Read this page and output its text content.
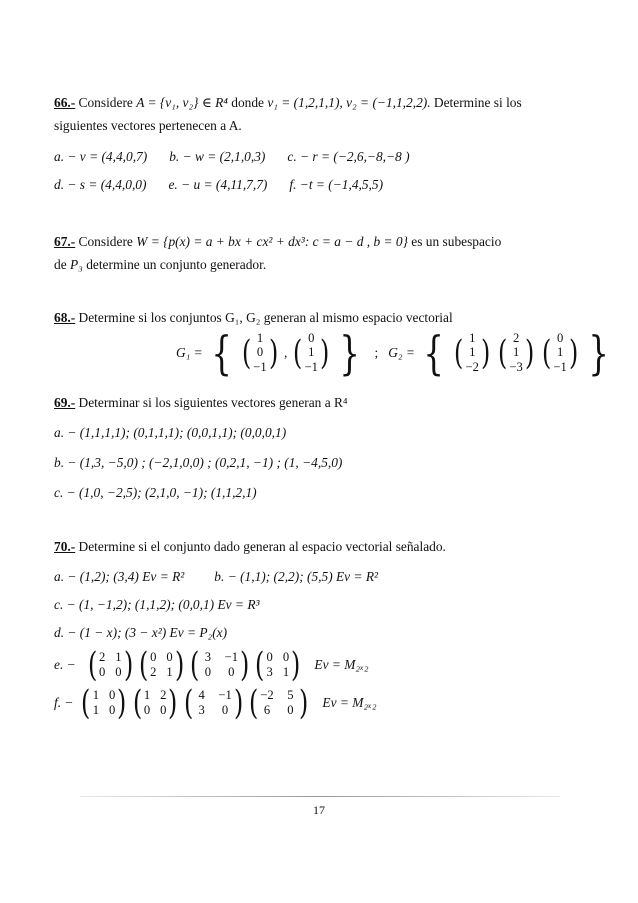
66.- Considere A = {v₁, v₂} ∈ R⁴ donde v₁ = (1,2,1,1), v₂ = (−1,1,2,2). Determine si los
siguientes vectores pertenecen a A.
a. − v = (4,4,0,7) b. − w = (2,1,0,3) c. − r = (−2,6,−8,−8 )
d. − s = (4,4,0,0) e. − u = (4,11,7,7) f. −t = (−1,4,5,5)
67.- Considere W = {p(x) = a + bx + cx² + dx³: c = a − d , b = 0} es un subespacio
de P₃ determine un conjunto generador.
68.- Determine si los conjuntos G₁, G₂ generan al mismo espacio vectorial
G₁ = { ( 1
0
−1 ) , ( 0
1
−1 ) } ; G₂ = { ( 1
1
−2 ) ( 2
1
−3 ) ( 0
1
−1 ) }
69.- Determinar si los siguientes vectores generan a R⁴
a. − (1,1,1,1); (0,1,1,1); (0,0,1,1); (0,0,0,1)
b. − (1,3, −5,0) ; (−2,1,0,0) ; (0,2,1, −1) ; (1, −4,5,0)
c. − (1,0, −2,5); (2,1,0, −1); (1,1,2,1)
70.- Determine si el conjunto dado generan al espacio vectorial señalado.
a. − (1,2); (3,4) Ev = R² b. − (1,1); (2,2); (5,5) Ev = R²
c. − (1, −1,2); (1,1,2); (0,0,1) Ev = R³
d. − (1 − x); (3 − x²) Ev = P₂(x)
e. − ( 2 1
0 0 ) ( 0 0
2 1 ) ( 3 −1
0 0 ) ( 0 0
3 1 ) Ev = M₂ₓ₂
f. − ( 1 0
1 0 ) ( 1 2
0 0 ) ( 4 −1
3 0 ) ( −2 5
6 0 ) Ev = M₂ₓ₂
17
